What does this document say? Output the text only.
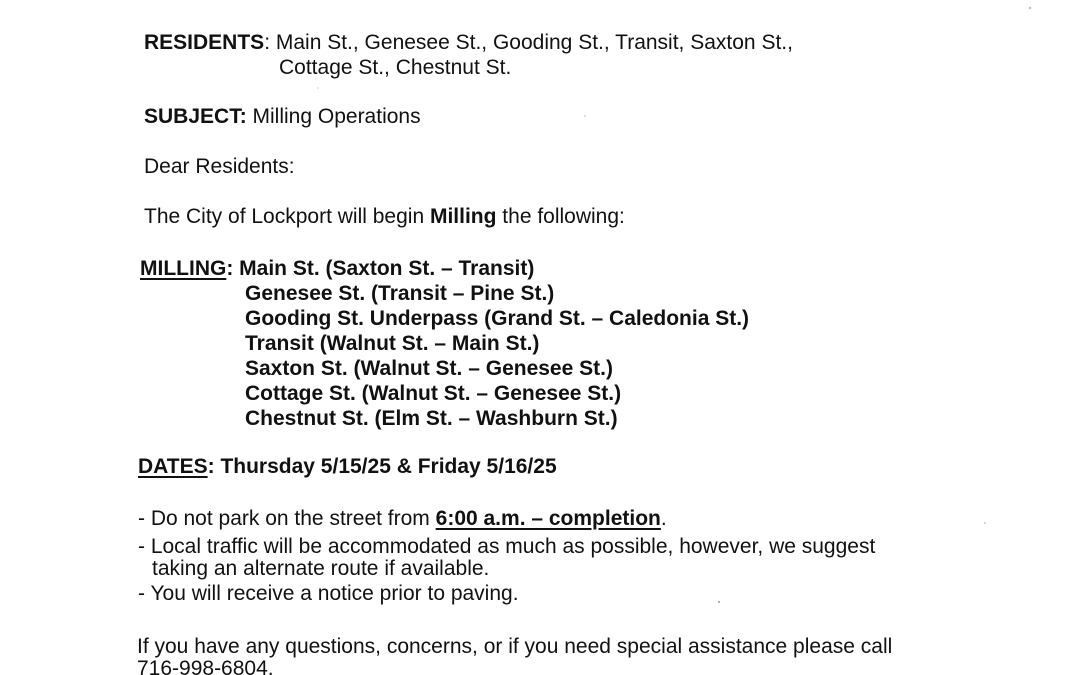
RESIDENTS: Main St., Genesee St., Gooding St., Transit, Saxton St.,
Cottage St., Chestnut St.
SUBJECT: Milling Operations
Dear Residents:
The City of Lockport will begin Milling the following:
MILLING: Main St. (Saxton St. – Transit)
Genesee St. (Transit – Pine St.)
Gooding St. Underpass (Grand St. – Caledonia St.)
Transit (Walnut St. – Main St.)
Saxton St. (Walnut St. – Genesee St.)
Cottage St. (Walnut St. – Genesee St.)
Chestnut St. (Elm St. – Washburn St.)
DATES: Thursday 5/15/25 & Friday 5/16/25
- Do not park on the street from 6:00 a.m. – completion.
- Local traffic will be accommodated as much as possible, however, we suggest
taking an alternate route if available.
- You will receive a notice prior to paving.
If you have any questions, concerns, or if you need special assistance please call
716-998-6804.
